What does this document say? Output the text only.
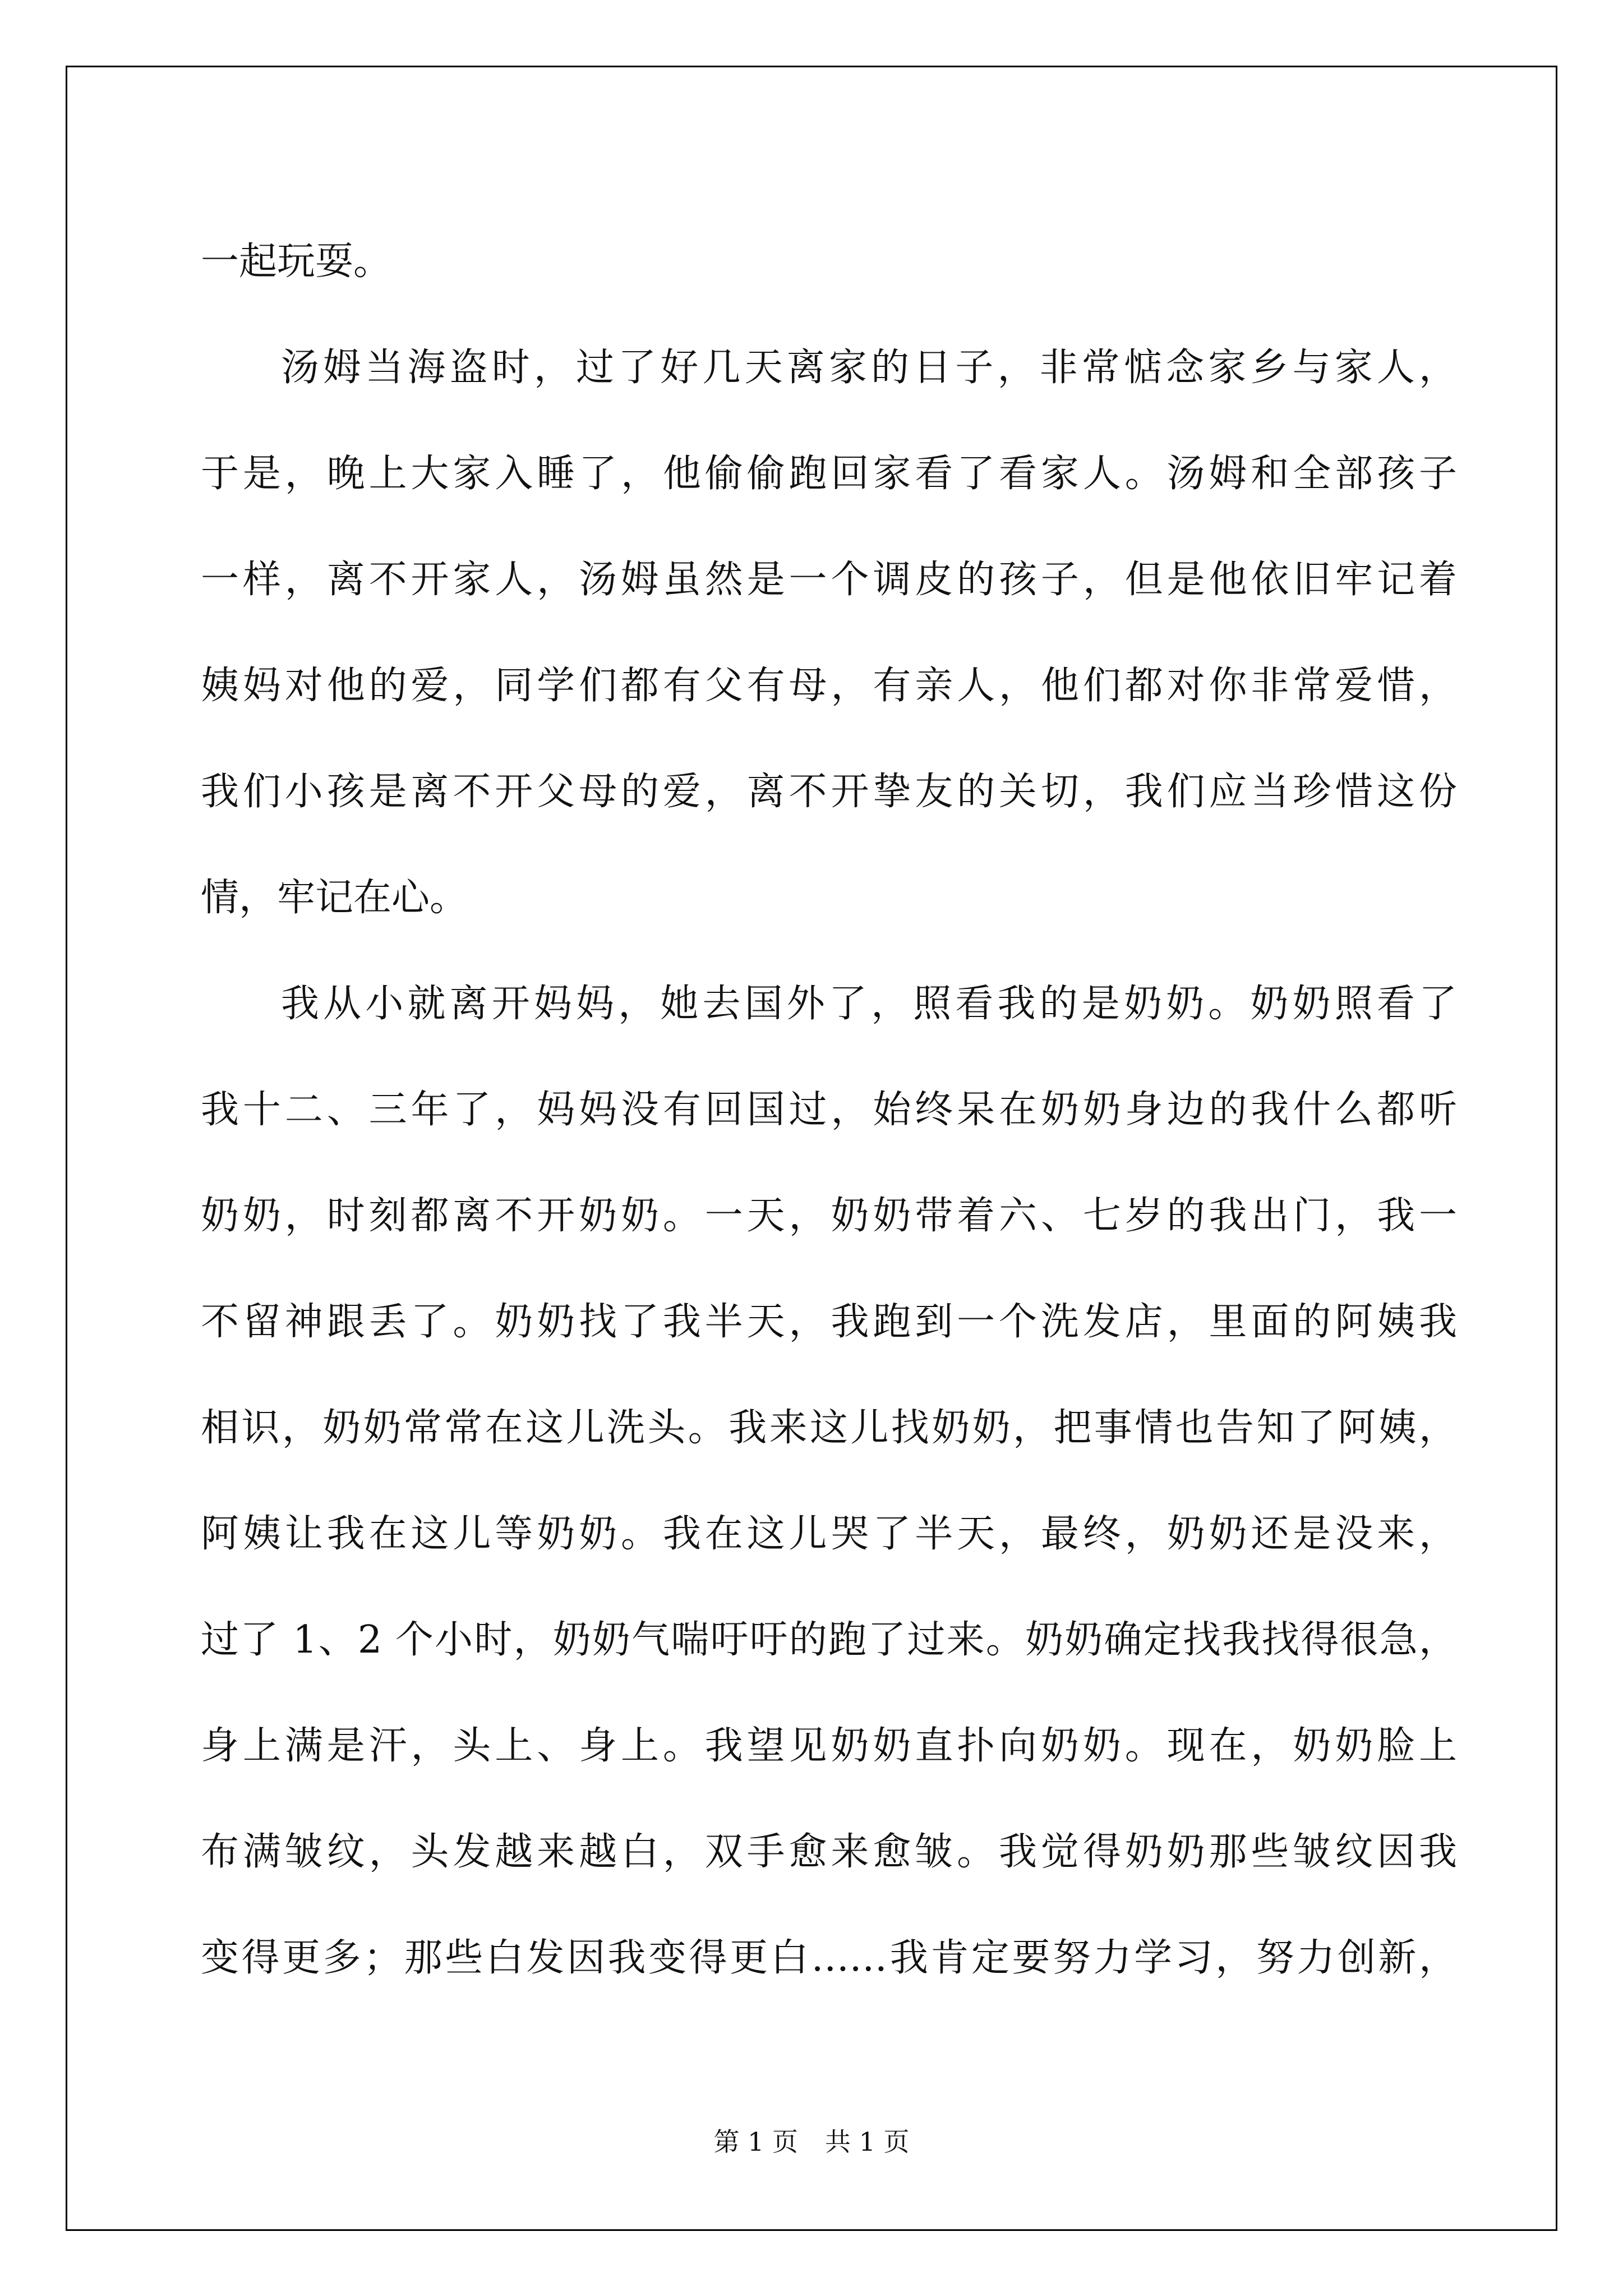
一起玩耍。
汤姆当海盗时，过了好几天离家的日子，非常惦念家乡与家人，
于是，晚上大家入睡了，他偷偷跑回家看了看家人。汤姆和全部孩子
一样，离不开家人，汤姆虽然是一个调皮的孩子，但是他依旧牢记着
姨妈对他的爱，同学们都有父有母，有亲人，他们都对你非常爱惜，
我们小孩是离不开父母的爱，离不开挚友的关切，我们应当珍惜这份
情，牢记在心。
我从小就离开妈妈，她去国外了，照看我的是奶奶。奶奶照看了
我十二、三年了，妈妈没有回国过，始终呆在奶奶身边的我什么都听
奶奶，时刻都离不开奶奶。一天，奶奶带着六、七岁的我出门，我一
不留神跟丢了。奶奶找了我半天，我跑到一个洗发店，里面的阿姨我
相识，奶奶常常在这儿洗头。我来这儿找奶奶，把事情也告知了阿姨，
阿姨让我在这儿等奶奶。我在这儿哭了半天，最终，奶奶还是没来，
过了 1、2 个小时，奶奶气喘吁吁的跑了过来。奶奶确定找我找得很急，
身上满是汗，头上、身上。我望见奶奶直扑向奶奶。现在，奶奶脸上
布满皱纹，头发越来越白，双手愈来愈皱。我觉得奶奶那些皱纹因我
变得更多；那些白发因我变得更白……我肯定要努力学习，努力创新，
第 1 页 共 1 页
